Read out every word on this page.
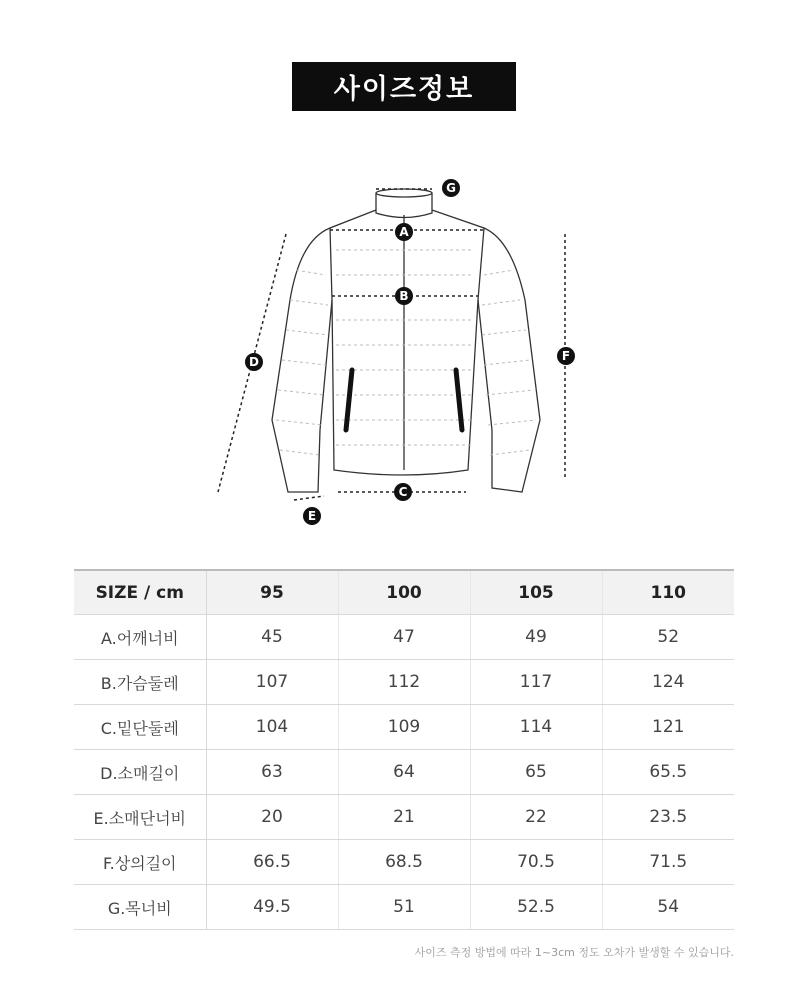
사이즈정보
G
A
B
C
D
E
F
SIZE / cm	95	100	105	110
A.어깨너비	45	47	49	52
B.가슴둘레	107	112	117	124
C.밑단둘레	104	109	114	121
D.소매길이	63	64	65	65.5
E.소매단너비	20	21	22	23.5
F.상의길이	66.5	68.5	70.5	71.5
G.목너비	49.5	51	52.5	54
사이즈 측정 방법에 따라 1~3cm 정도 오차가 발생할 수 있습니다.
